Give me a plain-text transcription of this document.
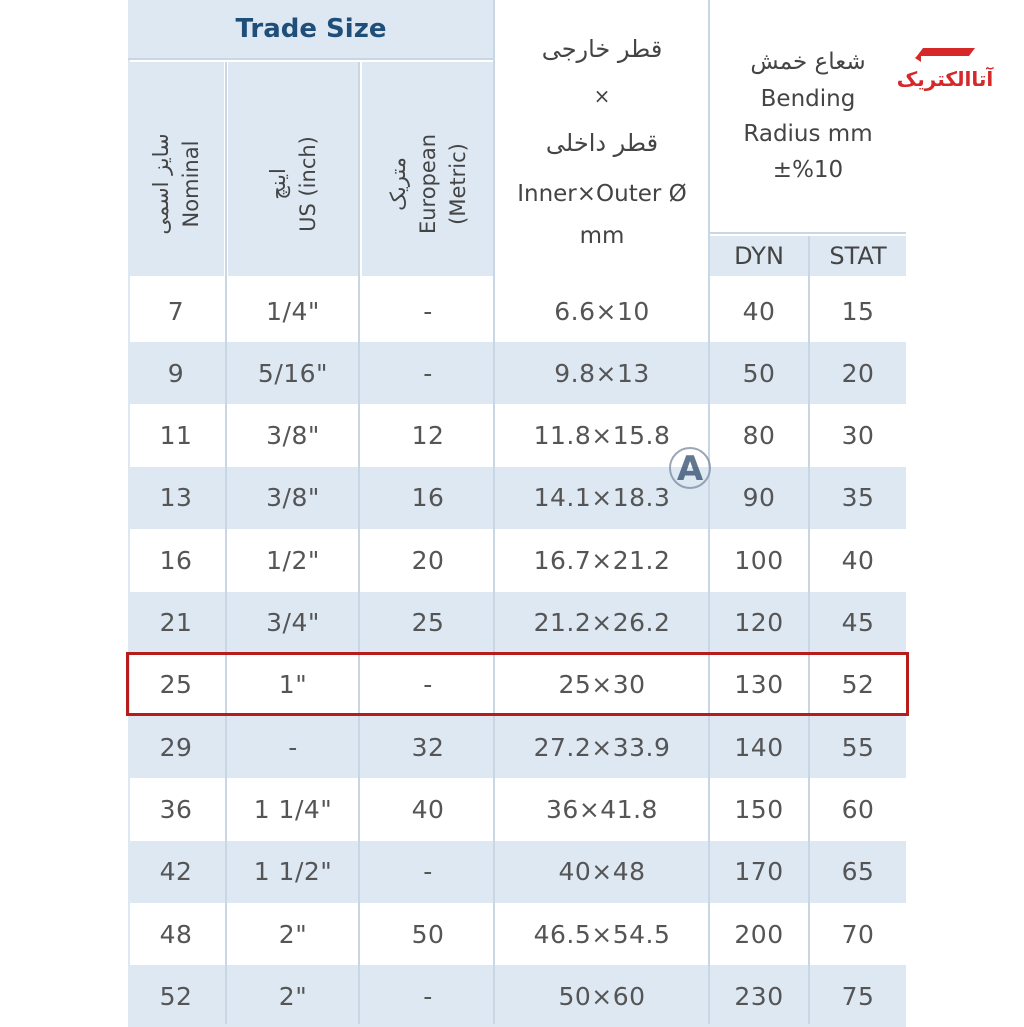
Trade Size
سایز اسمی Nominal	اینچ US (inch)	متریک European (Metric)
قطر خارجی
×
قطر داخلی
Inner×Outer Ø
mm
شعاع خمش
Bending
Radius mm
±%10
DYN STAT
آتاالکتریک
7	1/4"	-	6.6×10	40	15
9	5/16"	-	9.8×13	50	20
11	3/8"	12	11.8×15.8	80	30
13	3/8"	16	14.1×18.3	90	35
16	1/2"	20	16.7×21.2	100	40
21	3/4"	25	21.2×26.2	120	45
25	1"	-	25×30	130	52
29	-	32	27.2×33.9	140	55
36	1 1/4"	40	36×41.8	150	60
42	1 1/2"	-	40×48	170	65
48	2"	50	46.5×54.5	200	70
52	2"	-	50×60	230	75
A
